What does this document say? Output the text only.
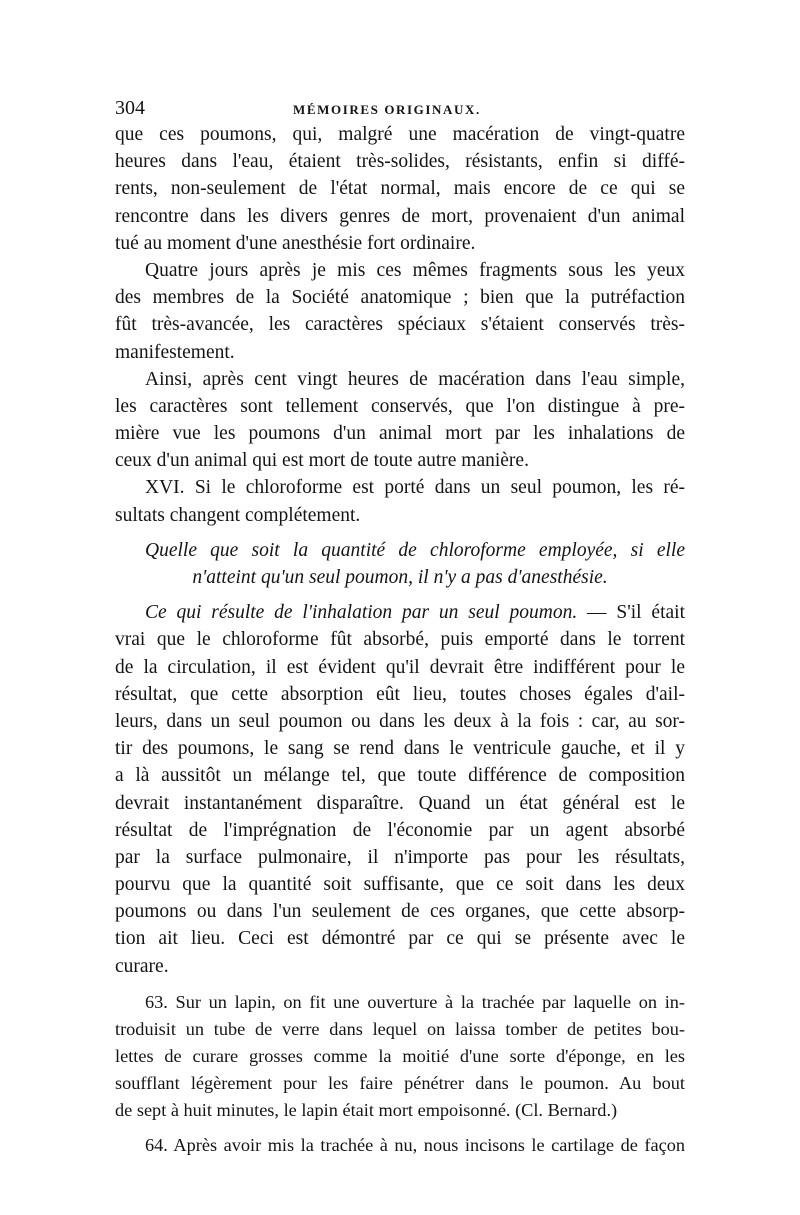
304	MÉMOIRES ORIGINAUX.
que ces poumons, qui, malgré une macération de vingt-quatre
heures dans l'eau, étaient très-solides, résistants, enfin si diffé-
rents, non-seulement de l'état normal, mais encore de ce qui se
rencontre dans les divers genres de mort, provenaient d'un animal
tué au moment d'une anesthésie fort ordinaire.
Quatre jours après je mis ces mêmes fragments sous les yeux
des membres de la Société anatomique ; bien que la putréfaction
fût très-avancée, les caractères spéciaux s'étaient conservés très-
manifestement.
Ainsi, après cent vingt heures de macération dans l'eau simple,
les caractères sont tellement conservés, que l'on distingue à pre-
mière vue les poumons d'un animal mort par les inhalations de
ceux d'un animal qui est mort de toute autre manière.
XVI. Si le chloroforme est porté dans un seul poumon, les ré-
sultats changent complétement.
Quelle que soit la quantité de chloroforme employée, si elle
n'atteint qu'un seul poumon, il n'y a pas d'anesthésie.
Ce qui résulte de l'inhalation par un seul poumon. — S'il était
vrai que le chloroforme fût absorbé, puis emporté dans le torrent
de la circulation, il est évident qu'il devrait être indifférent pour le
résultat, que cette absorption eût lieu, toutes choses égales d'ail-
leurs, dans un seul poumon ou dans les deux à la fois : car, au sor-
tir des poumons, le sang se rend dans le ventricule gauche, et il y
a là aussitôt un mélange tel, que toute différence de composition
devrait instantanément disparaître. Quand un état général est le
résultat de l'imprégnation de l'économie par un agent absorbé
par la surface pulmonaire, il n'importe pas pour les résultats,
pourvu que la quantité soit suffisante, que ce soit dans les deux
poumons ou dans l'un seulement de ces organes, que cette absorp-
tion ait lieu. Ceci est démontré par ce qui se présente avec le
curare.
63. Sur un lapin, on fit une ouverture à la trachée par laquelle on in-
troduisit un tube de verre dans lequel on laissa tomber de petites bou-
lettes de curare grosses comme la moitié d'une sorte d'éponge, en les
soufflant légèrement pour les faire pénétrer dans le poumon. Au bout
de sept à huit minutes, le lapin était mort empoisonné. (Cl. Bernard.)
64. Après avoir mis la trachée à nu, nous incisons le cartilage de façon
